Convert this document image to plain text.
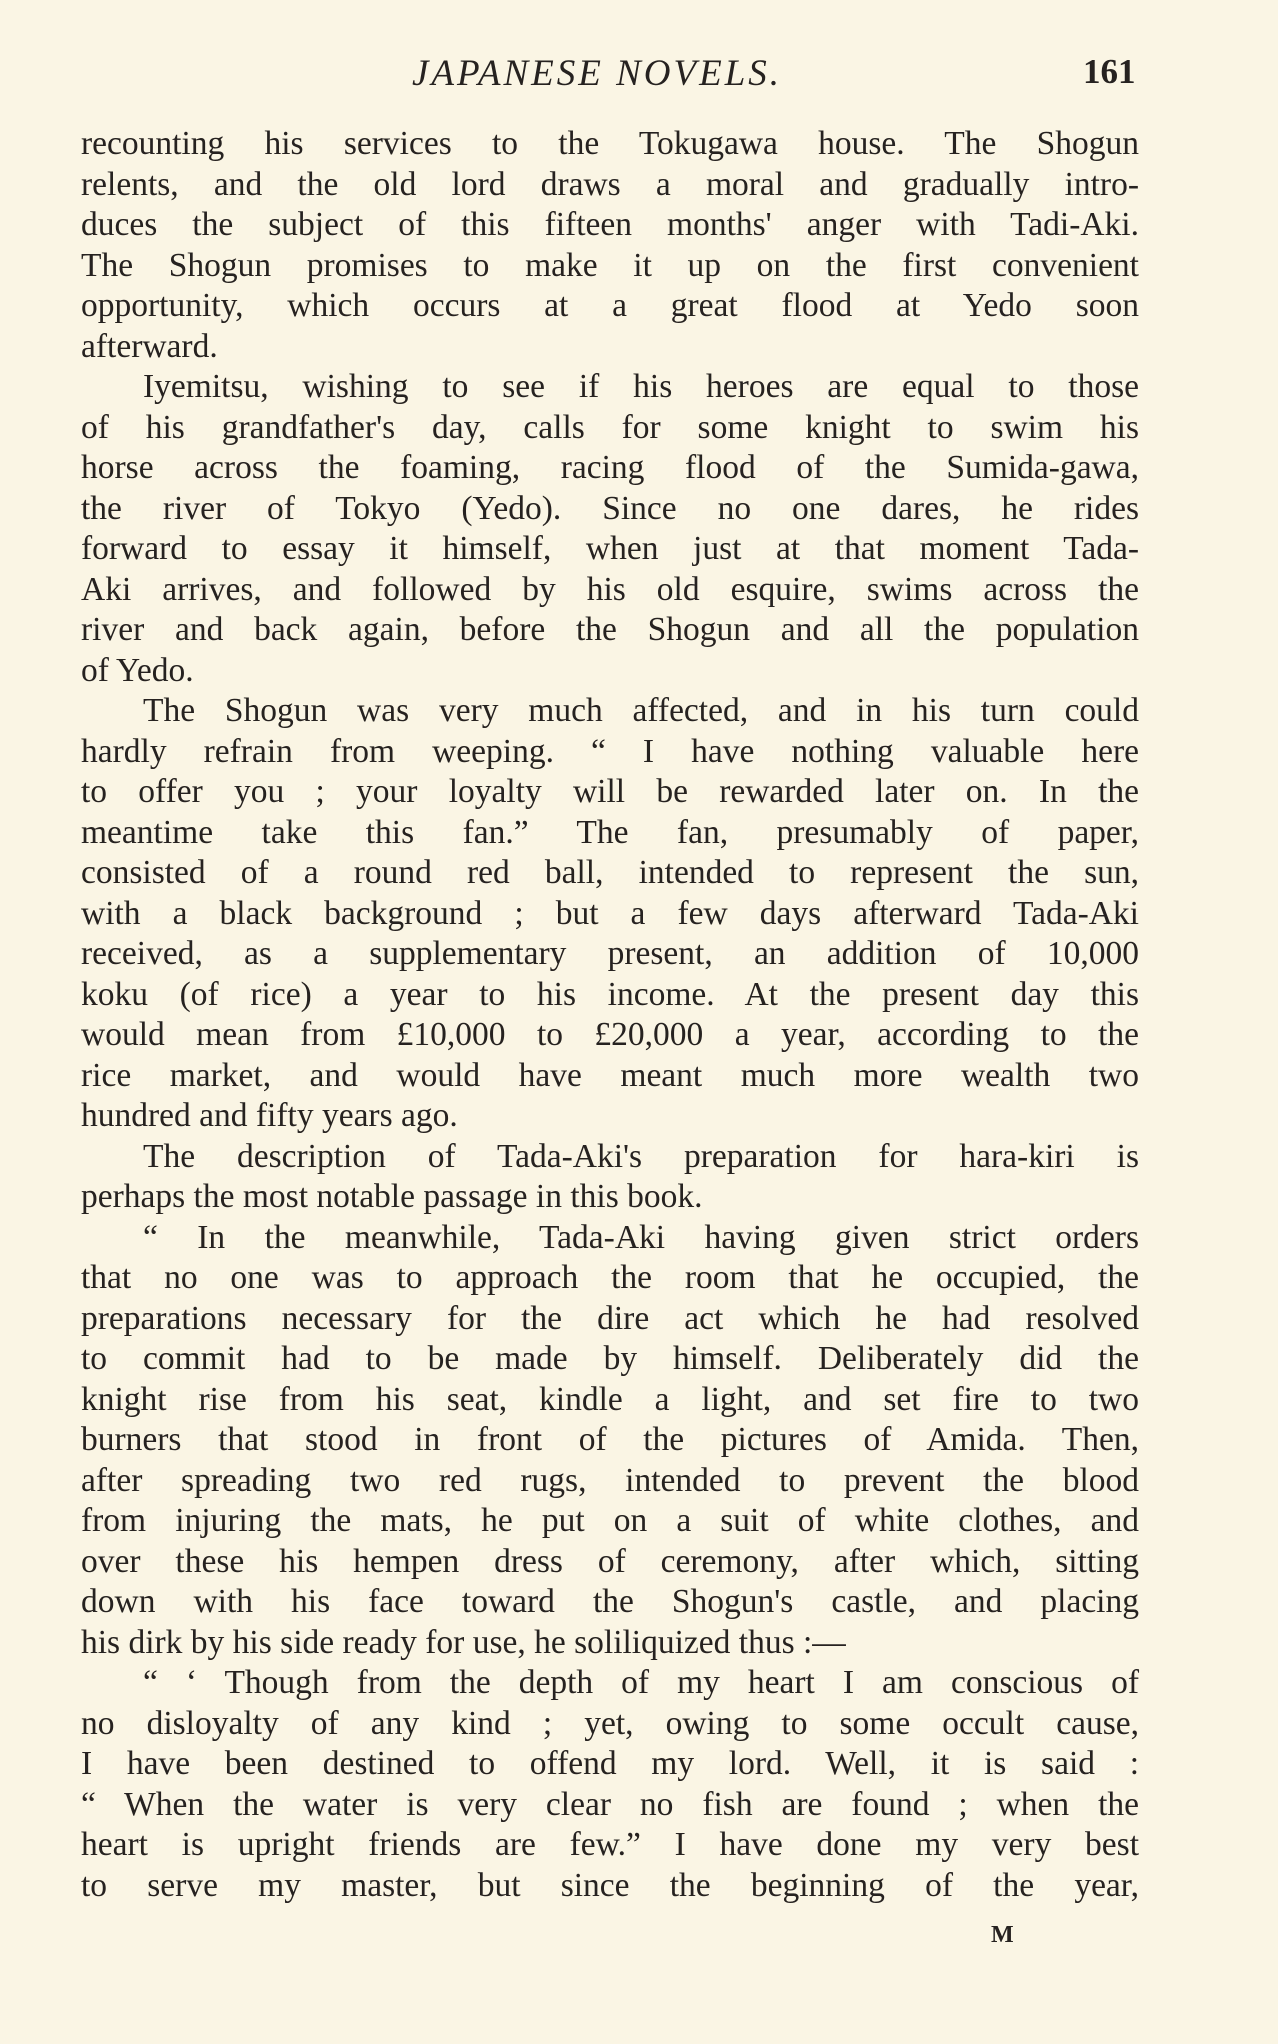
JAPANESE NOVELS.	161
recounting his services to the Tokugawa house. The Shogun
relents, and the old lord draws a moral and gradually intro-
duces the subject of this fifteen months' anger with Tadi-Aki.
The Shogun promises to make it up on the first convenient
opportunity, which occurs at a great flood at Yedo soon
afterward.
Iyemitsu, wishing to see if his heroes are equal to those
of his grandfather's day, calls for some knight to swim his
horse across the foaming, racing flood of the Sumida-gawa,
the river of Tokyo (Yedo). Since no one dares, he rides
forward to essay it himself, when just at that moment Tada-
Aki arrives, and followed by his old esquire, swims across the
river and back again, before the Shogun and all the population
of Yedo.
The Shogun was very much affected, and in his turn could
hardly refrain from weeping. “ I have nothing valuable here
to offer you ; your loyalty will be rewarded later on. In the
meantime take this fan.” The fan, presumably of paper,
consisted of a round red ball, intended to represent the sun,
with a black background ; but a few days afterward Tada-Aki
received, as a supplementary present, an addition of 10,000
koku (of rice) a year to his income. At the present day this
would mean from £10,000 to £20,000 a year, according to the
rice market, and would have meant much more wealth two
hundred and fifty years ago.
The description of Tada-Aki's preparation for hara-kiri is
perhaps the most notable passage in this book.
“ In the meanwhile, Tada-Aki having given strict orders
that no one was to approach the room that he occupied, the
preparations necessary for the dire act which he had resolved
to commit had to be made by himself. Deliberately did the
knight rise from his seat, kindle a light, and set fire to two
burners that stood in front of the pictures of Amida. Then,
after spreading two red rugs, intended to prevent the blood
from injuring the mats, he put on a suit of white clothes, and
over these his hempen dress of ceremony, after which, sitting
down with his face toward the Shogun's castle, and placing
his dirk by his side ready for use, he soliliquized thus :—
“ ‘ Though from the depth of my heart I am conscious of
no disloyalty of any kind ; yet, owing to some occult cause,
I have been destined to offend my lord. Well, it is said :
“ When the water is very clear no fish are found ; when the
heart is upright friends are few.” I have done my very best
to serve my master, but since the beginning of the year,
M
